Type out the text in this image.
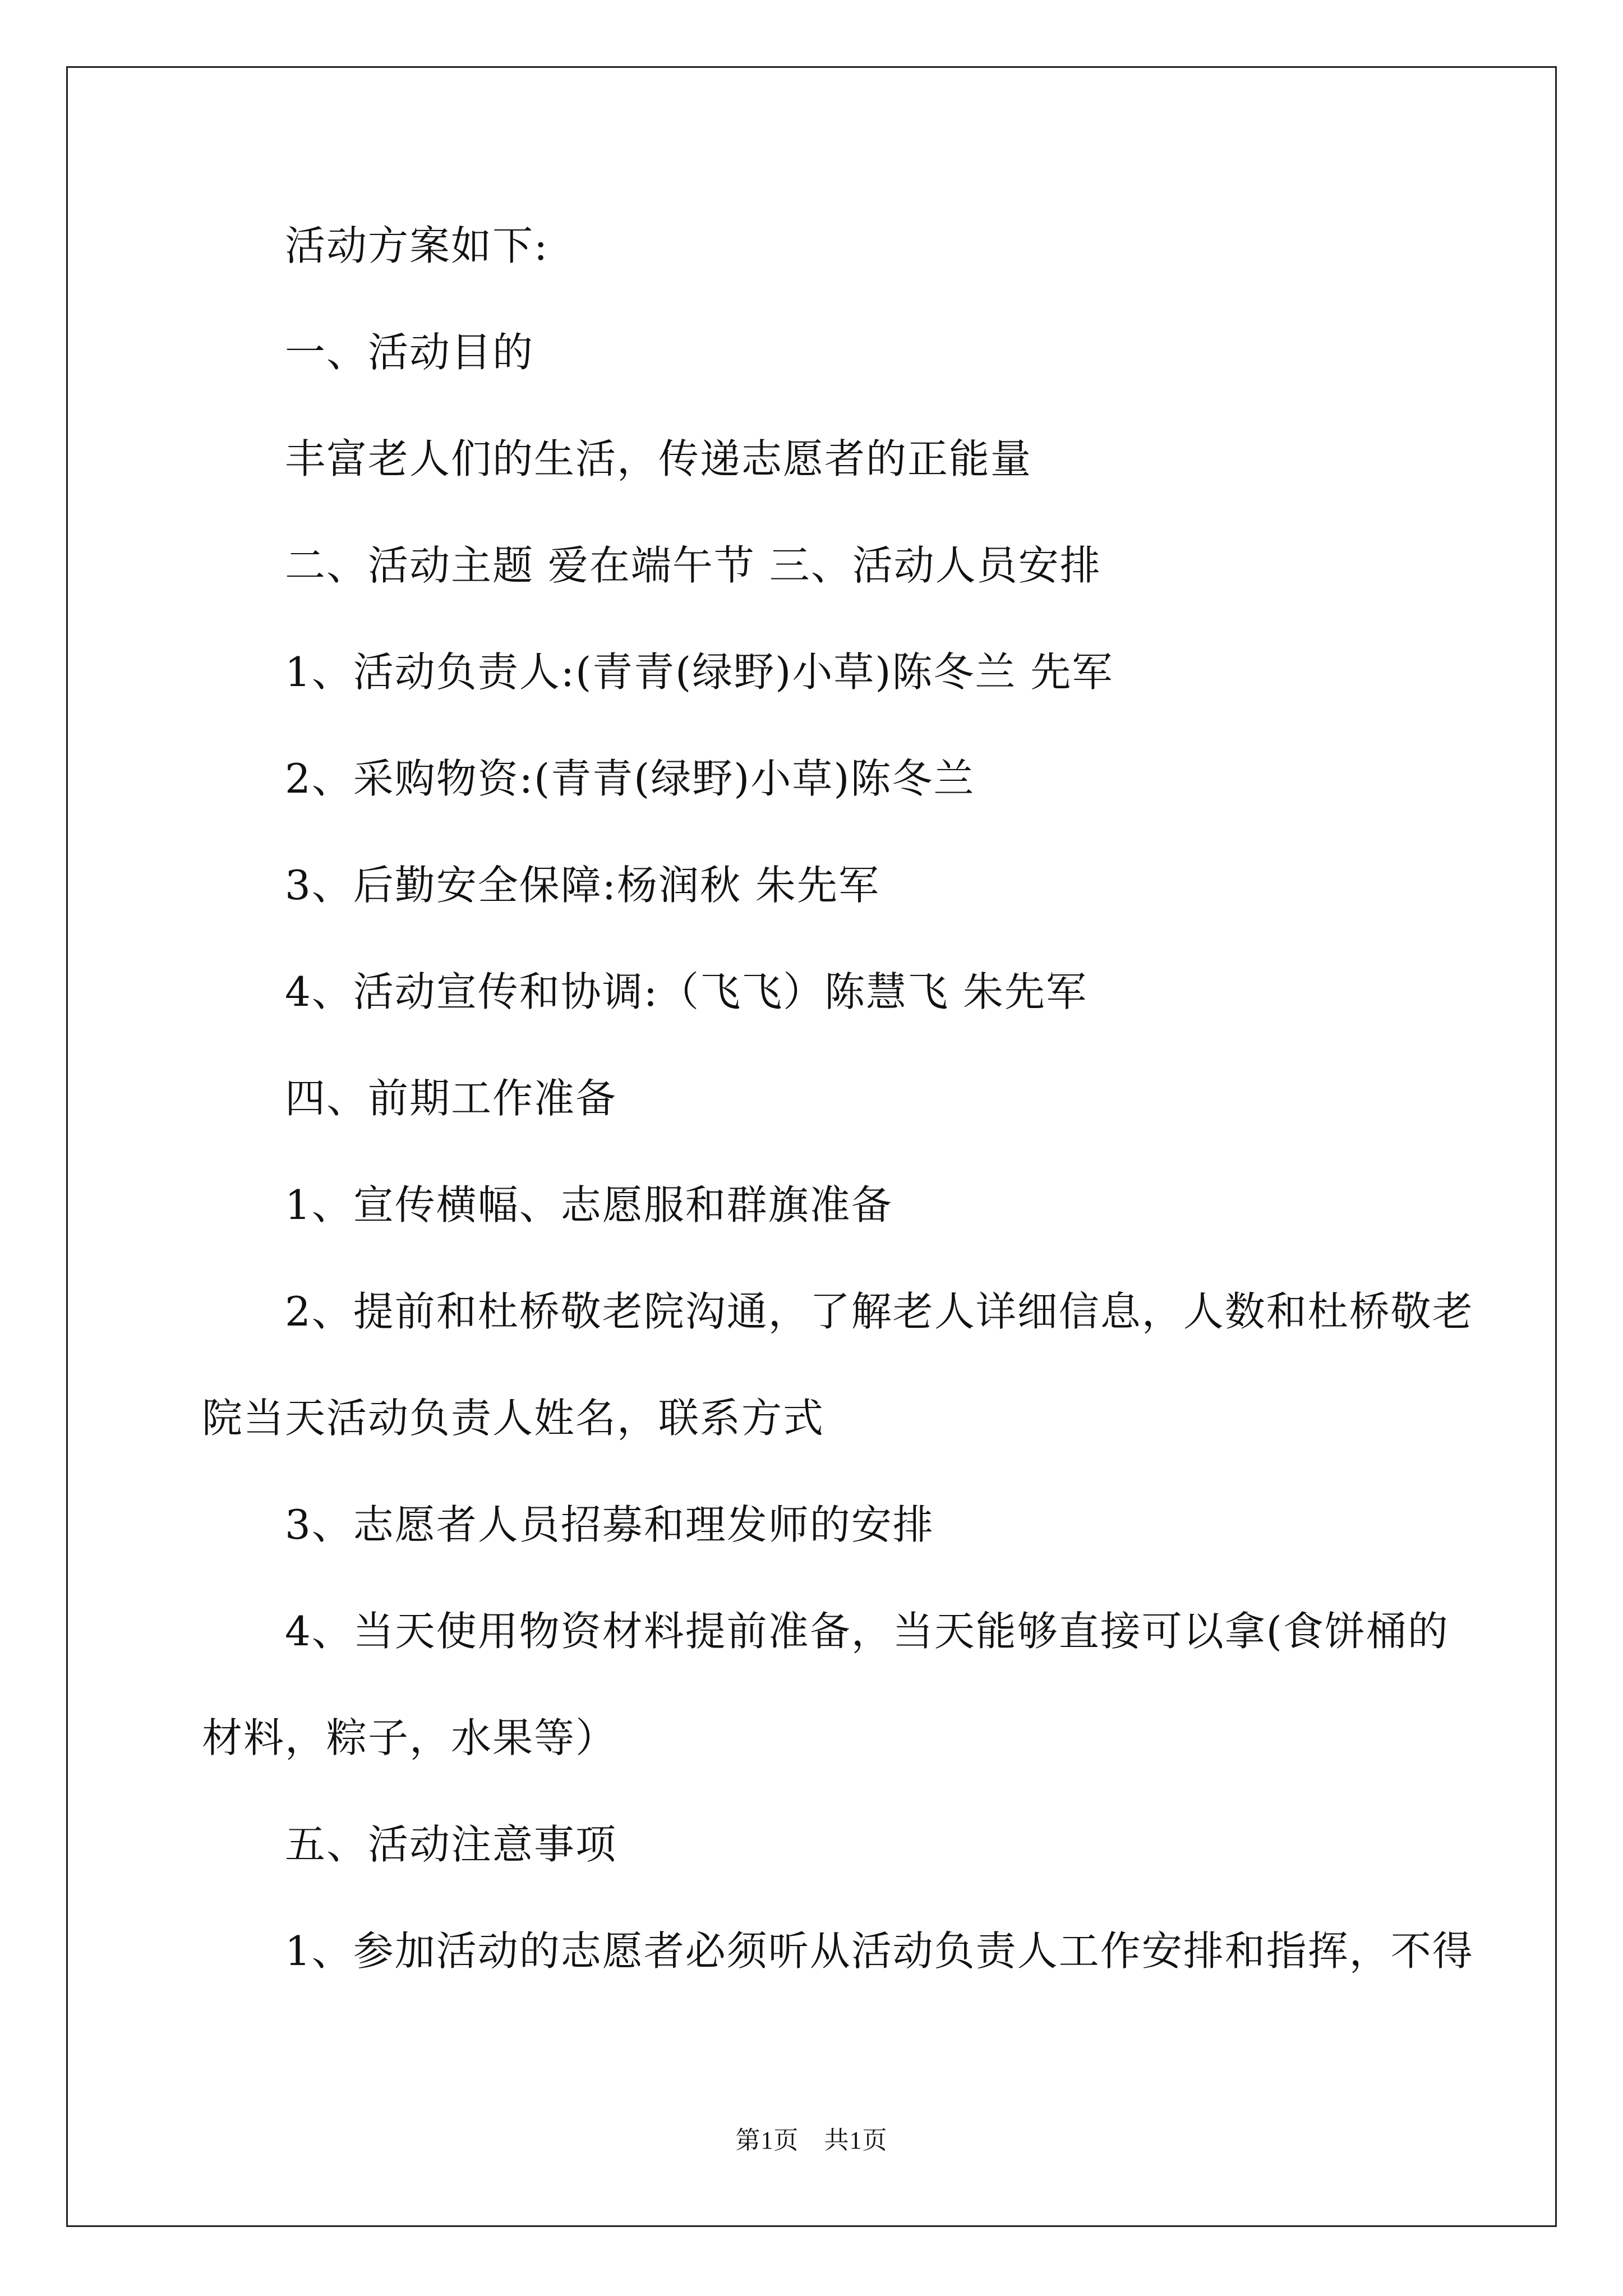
活动方案如下:
一、活动目的
丰富老人们的生活，传递志愿者的正能量
二、活动主题 爱在端午节 三、活动人员安排
1、活动负责人:(青青(绿野)小草)陈冬兰 先军
2、采购物资:(青青(绿野)小草)陈冬兰
3、后勤安全保障:杨润秋 朱先军
4、活动宣传和协调:（飞飞）陈慧飞 朱先军
四、前期工作准备
1、宣传横幅、志愿服和群旗准备
2、提前和杜桥敬老院沟通，了解老人详细信息，人数和杜桥敬老
院当天活动负责人姓名，联系方式
3、志愿者人员招募和理发师的安排
4、当天使用物资材料提前准备，当天能够直接可以拿(食饼桶的
材料，粽子，水果等）
五、活动注意事项
1、参加活动的志愿者必须听从活动负责人工作安排和指挥，不得
第1页　共1页
